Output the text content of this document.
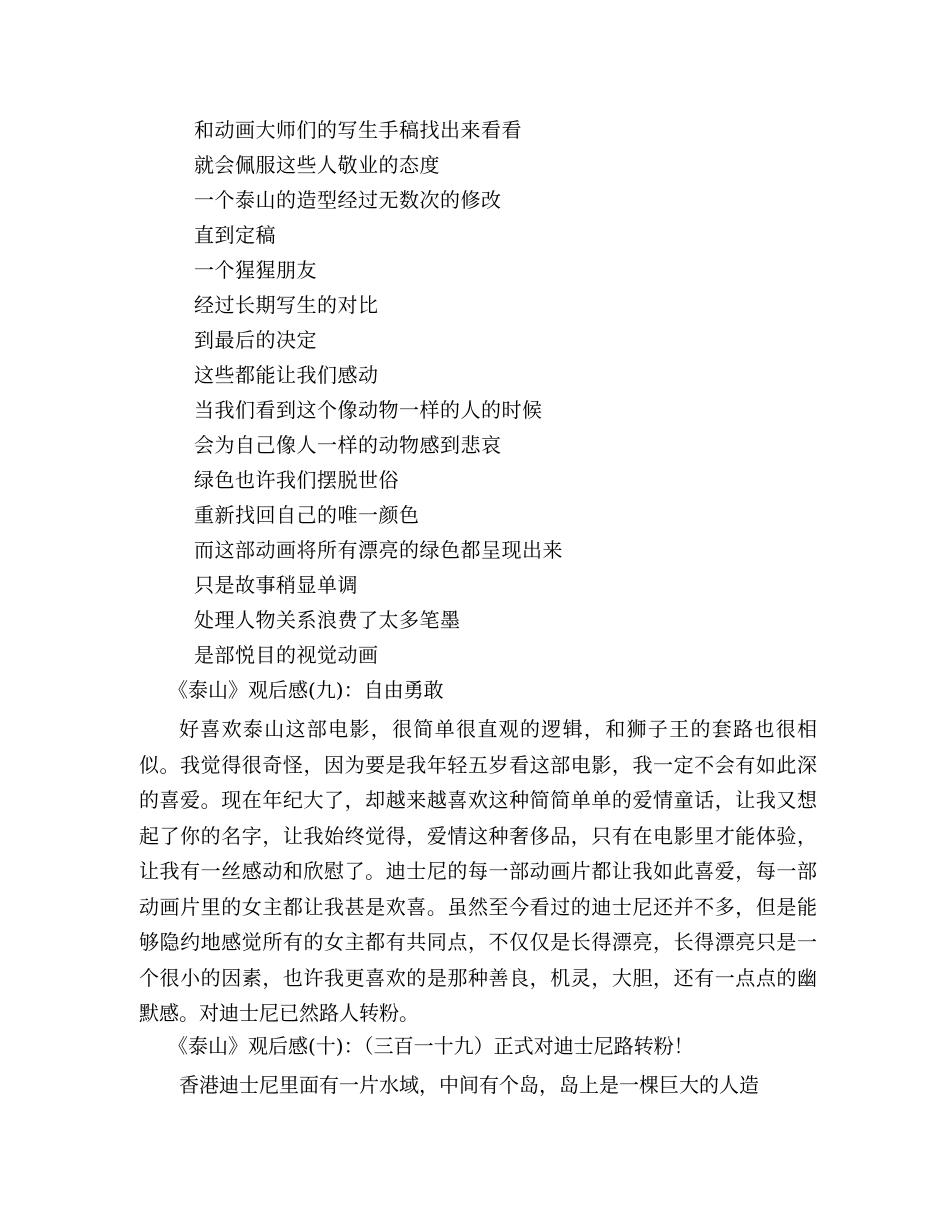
和动画大师们的写生手稿找出来看看
就会佩服这些人敬业的态度
一个泰山的造型经过无数次的修改
直到定稿
一个猩猩朋友
经过长期写生的对比
到最后的决定
这些都能让我们感动
当我们看到这个像动物一样的人的时候
会为自己像人一样的动物感到悲哀
绿色也许我们摆脱世俗
重新找回自己的唯一颜色
而这部动画将所有漂亮的绿色都呈现出来
只是故事稍显单调
处理人物关系浪费了太多笔墨
是部悦目的视觉动画
《泰山》观后感(九)：自由勇敢

好喜欢泰山这部电影，很简单很直观的逻辑，和狮子王的套路也很相似。我觉得很奇怪，因为要是我年轻五岁看这部电影，我一定不会有如此深的喜爱。现在年纪大了，却越来越喜欢这种简简单单的爱情童话，让我又想起了你的名字，让我始终觉得，爱情这种奢侈品，只有在电影里才能体验，让我有一丝感动和欣慰了。迪士尼的每一部动画片都让我如此喜爱，每一部动画片里的女主都让我甚是欢喜。虽然至今看过的迪士尼还并不多，但是能够隐约地感觉所有的女主都有共同点，不仅仅是长得漂亮，长得漂亮只是一个很小的因素，也许我更喜欢的是那种善良，机灵，大胆，还有一点点的幽默感。对迪士尼已然路人转粉。

《泰山》观后感(十)：（三百一十九）正式对迪士尼路转粉！

香港迪士尼里面有一片水域，中间有个岛，岛上是一棵巨大的人造
